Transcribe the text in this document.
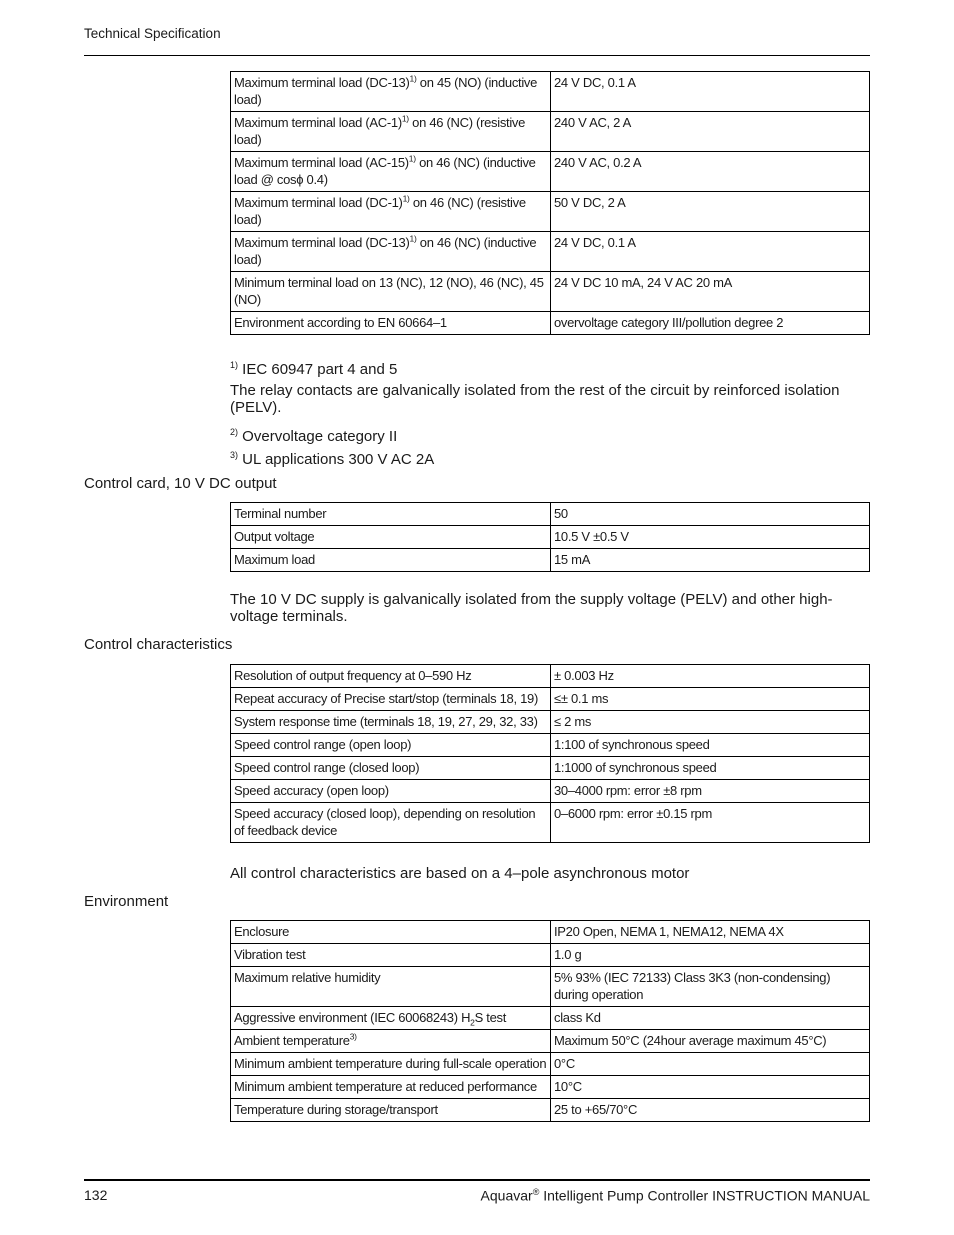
Technical Specification
Maximum terminal load $(DC-13)^{1)}$ on 45 (NO) (inductive load)	24 V DC, 0.1 A
Maximum terminal load $(AC-1)^{1)}$ on 46 (NC) (resistive load)	240 V AC, 2 A
Maximum terminal load $(AC-15)^{1)}$ on 46 (NC) (inductive load @ cosϕ 0.4)	240 V AC, 0.2 A
Maximum terminal load $(DC-1)^{1)}$ on 46 (NC) (resistive load)	50 V DC, 2 A
Maximum terminal load $(DC-13)^{1)}$ on 46 (NC) (inductive load)	24 V DC, 0.1 A
Minimum terminal load on 13 (NC), 12 (NO), 46 (NC), 45 (NO)	24 V DC 10 mA, 24 V AC 20 mA
Environment according to EN 60664–1	overvoltage category III/pollution degree 2
$^{1)}$ IEC 60947 part 4 and 5
The relay contacts are galvanically isolated from the rest of the circuit by reinforced isolation (PELV).
$^{2)}$ Overvoltage category II
$^{3)}$ UL applications 300 V AC 2A
Control card, 10 V DC output
Terminal number	50
Output voltage	10.5 V ±0.5 V
Maximum load	15 mA
The 10 V DC supply is galvanically isolated from the supply voltage (PELV) and other high-voltage terminals.
Control characteristics
Resolution of output frequency at 0–590 Hz	± 0.003 Hz
Repeat accuracy of Precise start/stop (terminals 18, 19)	≤± 0.1 ms
System response time (terminals 18, 19, 27, 29, 32, 33)	≤ 2 ms
Speed control range (open loop)	1:100 of synchronous speed
Speed control range (closed loop)	1:1000 of synchronous speed
Speed accuracy (open loop)	30–4000 rpm: error ±8 rpm
Speed accuracy (closed loop), depending on resolution of feedback device	0–6000 rpm: error ±0.15 rpm
All control characteristics are based on a 4–pole asynchronous motor
Environment
Enclosure	IP20 Open, NEMA 1, NEMA12, NEMA 4X
Vibration test	1.0 g
Maximum relative humidity	5% 93% (IEC 72133) Class 3K3 (non-condensing) during operation
Aggressive environment (IEC 60068243) $H_2S$ test	class Kd
Ambient temperature$^{3)}$	Maximum 50°C (24hour average maximum 45°C)
Minimum ambient temperature during full-scale operation	0°C
Minimum ambient temperature at reduced performance	10°C
Temperature during storage/transport	25 to +65/70°C
132	Aquavar® Intelligent Pump Controller INSTRUCTION MANUAL
